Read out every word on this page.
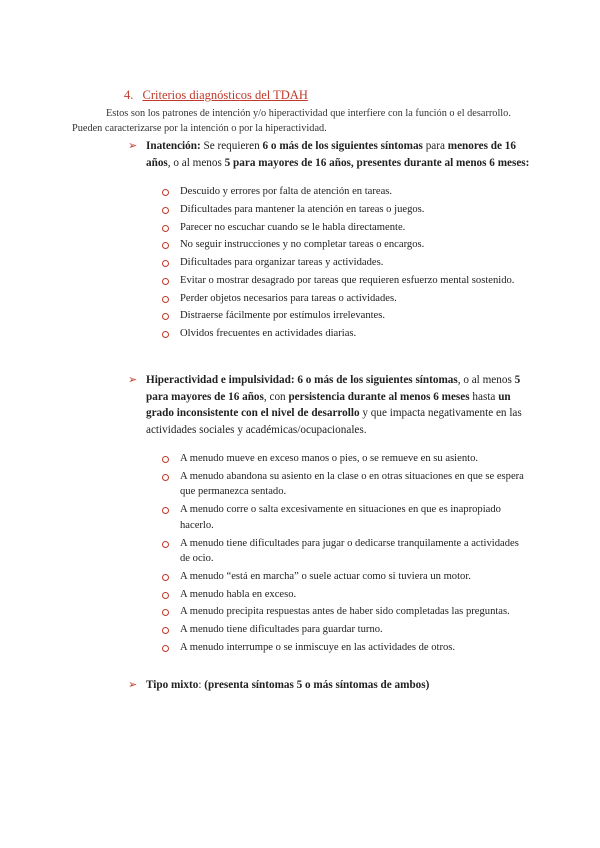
4. Criterios diagnósticos del TDAH
Estos son los patrones de intención y/o hiperactividad que interfiere con la función o el desarrollo. Pueden caracterizarse por la intención o por la hiperactividad.
➢ Inatención: Se requieren 6 o más de los siguientes síntomas para menores de 16 años, o al menos 5 para mayores de 16 años, presentes durante al menos 6 meses:
Descuido y errores por falta de atención en tareas.
Dificultades para mantener la atención en tareas o juegos.
Parecer no escuchar cuando se le habla directamente.
No seguir instrucciones y no completar tareas o encargos.
Dificultades para organizar tareas y actividades.
Evitar o mostrar desagrado por tareas que requieren esfuerzo mental sostenido.
Perder objetos necesarios para tareas o actividades.
Distraerse fácilmente por estímulos irrelevantes.
Olvidos frecuentes en actividades diarias.
➢ Hiperactividad e impulsividad: 6 o más de los siguientes síntomas, o al menos 5 para mayores de 16 años, con persistencia durante al menos 6 meses hasta un grado inconsistente con el nivel de desarrollo y que impacta negativamente en las actividades sociales y académicas/ocupacionales.
A menudo mueve en exceso manos o pies, o se remueve en su asiento.
A menudo abandona su asiento en la clase o en otras situaciones en que se espera que permanezca sentado.
A menudo corre o salta excesivamente en situaciones en que es inapropiado hacerlo.
A menudo tiene dificultades para jugar o dedicarse tranquilamente a actividades de ocio.
A menudo “está en marcha” o suele actuar como si tuviera un motor.
A menudo habla en exceso.
A menudo precipita respuestas antes de haber sido completadas las preguntas.
A menudo tiene dificultades para guardar turno.
A menudo interrumpe o se inmiscuye en las actividades de otros.
➢ Tipo mixto: (presenta síntomas 5 o más síntomas de ambos)
